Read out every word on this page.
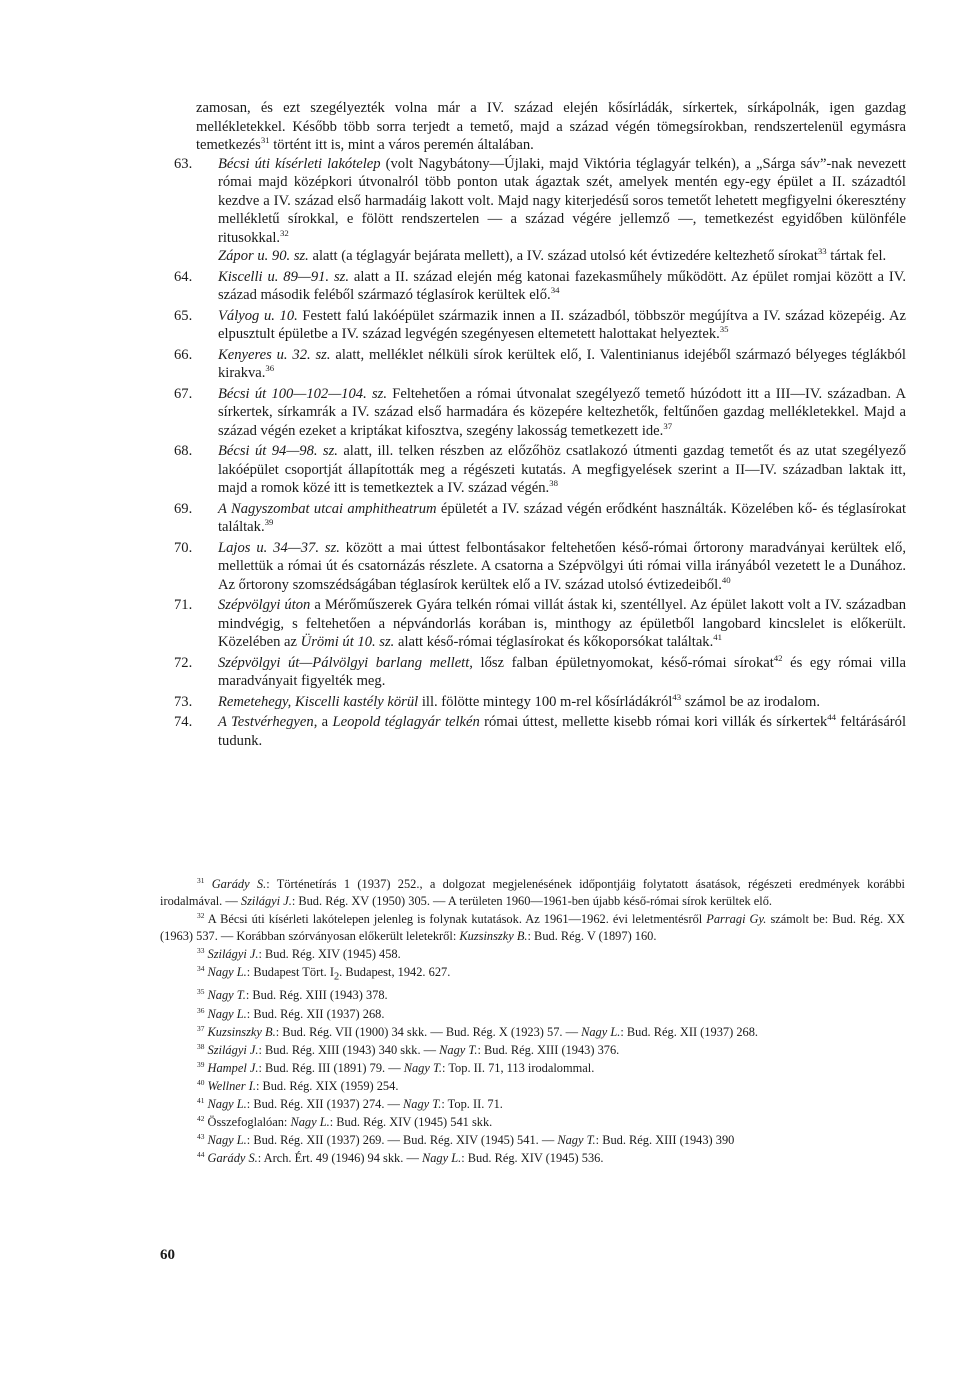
zamosan, és ezt szegélyezték volna már a IV. század elején kősírládák, sírkertek, sírkápolnák, igen gazdag mellékletekkel. Később több sorra terjedt a temető, majd a század végén tömegsírokban, rendszertelenül egymásra temetkezés$^{31}$ történt itt is, mint a város peremén általában.

63.	Bécsi úti kísérleti lakótelep (volt Nagybátony—Újlaki, majd Viktória téglagyár telkén), a „Sárga sáv”-nak nevezett római majd középkori útvonalról több ponton utak ágaztak szét, amelyek mentén egy-egy épület a II. századtól kezdve a IV. század első harmadáig lakott volt. Majd nagy kiterjedésű soros temetőt lehetett megfigyelni ókeresztény mellékletű sírokkal, e fölött rendszertelen — a század végére jellemző —, temetkezést egyidőben különféle ritusokkal.$^{32}$
Zápor u. 90. sz. alatt (a téglagyár bejárata mellett), a IV. század utolsó két évtizedére keltezhető sírokat$^{33}$ tártak fel.

64.	Kiscelli u. 89—91. sz. alatt a II. század elején még katonai fazekasműhely működött. Az épület romjai között a IV. század második feléből származó téglasírok kerültek elő.$^{34}$

65.	Vályog u. 10. Festett falú lakóépület származik innen a II. századból, többször megújítva a IV. század közepéig. Az elpusztult épületbe a IV. század legvégén szegényesen eltemetett halottakat helyeztek.$^{35}$

66.	Kenyeres u. 32. sz. alatt, melléklet nélküli sírok kerültek elő, I. Valentinianus idejéből származó bélyeges téglákból kirakva.$^{36}$

67.	Bécsi út 100—102—104. sz. Feltehetően a római útvonalat szegélyező temető húzódott itt a III—IV. században. A sírkertek, sírkamrák a IV. század első harmadára és közepére keltezhetők, feltűnően gazdag mellékletekkel. Majd a század végén ezeket a kriptákat kifosztva, szegény lakosság temetkezett ide.$^{37}$

68.	Bécsi út 94—98. sz. alatt, ill. telken részben az előzőhöz csatlakozó útmenti gazdag temetőt és az utat szegélyező lakóépület csoportját állapították meg a régészeti kutatás. A megfigyelések szerint a II—IV. században laktak itt, majd a romok közé itt is temetkeztek a IV. század végén.$^{38}$

69.	A Nagyszombat utcai amphitheatrum épületét a IV. század végén erődként használták. Közelében kő- és téglasírokat találtak.$^{39}$

70.	Lajos u. 34—37. sz. között a mai úttest felbontásakor feltehetően késő-római őrtorony maradványai kerültek elő, mellettük a római út és csatornázás részlete. A csatorna a Szépvölgyi úti római villa irányából vezetett le a Dunához. Az őrtorony szomszédságában téglasírok kerültek elő a IV. század utolsó évtizedeiből.$^{40}$

71.	Szépvölgyi úton a Mérőműszerek Gyára telkén római villát ástak ki, szentéllyel. Az épület lakott volt a IV. században mindvégig, s feltehetően a népvándorlás korában is, minthogy az épületből langobard kincslelet is előkerült. Közelében az Ürömi út 10. sz. alatt késő-római téglasírokat és kőkoporsókat találtak.$^{41}$

72.	Szépvölgyi út—Pálvölgyi barlang mellett, lősz falban épületnyomokat, késő-római sírokat$^{42}$ és egy római villa maradványait figyelték meg.

73.	Remetehegy, Kiscelli kastély körül ill. fölötte mintegy 100 m-rel kősírládákról$^{43}$ számol be az irodalom.

74.	A Testvérhegyen, a Leopold téglagyár telkén római úttest, mellette kisebb római kori villák és sírkertek$^{44}$ feltárásáról tudunk.

$^{31}$ Garády S.: Történetírás 1 (1937) 252., a dolgozat megjelenésének időpontjáig folytatott ásatások, régészeti eredmények korábbi irodalmával. — Szilágyi J.: Bud. Rég. XV (1950) 305. — A területen 1960—1961-ben újabb késő-római sírok kerültek elő.

$^{32}$ A Bécsi úti kísérleti lakótelepen jelenleg is folynak kutatások. Az 1961—1962. évi leletmentésről Parragi Gy. számolt be: Bud. Rég. XX (1963) 537. — Korábban szórványosan előkerült leletekről: Kuzsinszky B.: Bud. Rég. V (1897) 160.

$^{33}$ Szilágyi J.: Bud. Rég. XIV (1945) 458.

$^{34}$ Nagy L.: Budapest Tört. $I_2$. Budapest, 1942. 627.

$^{35}$ Nagy T.: Bud. Rég. XIII (1943) 378.

$^{36}$ Nagy L.: Bud. Rég. XII (1937) 268.

$^{37}$ Kuzsinszky B.: Bud. Rég. VII (1900) 34 skk. — Bud. Rég. X (1923) 57. — Nagy L.: Bud. Rég. XII (1937) 268.

$^{38}$ Szilágyi J.: Bud. Rég. XIII (1943) 340 skk. — Nagy T.: Bud. Rég. XIII (1943) 376.

$^{39}$ Hampel J.: Bud. Rég. III (1891) 79. — Nagy T.: Top. II. 71, 113 irodalommal.

$^{40}$ Wellner I.: Bud. Rég. XIX (1959) 254.

$^{41}$ Nagy L.: Bud. Rég. XII (1937) 274. — Nagy T.: Top. II. 71.

$^{42}$ Összefoglalóan: Nagy L.: Bud. Rég. XIV (1945) 541 skk.

$^{43}$ Nagy L.: Bud. Rég. XII (1937) 269. — Bud. Rég. XIV (1945) 541. — Nagy T.: Bud. Rég. XIII (1943) 390

$^{44}$ Garády S.: Arch. Ért. 49 (1946) 94 skk. — Nagy L.: Bud. Rég. XIV (1945) 536.

60
